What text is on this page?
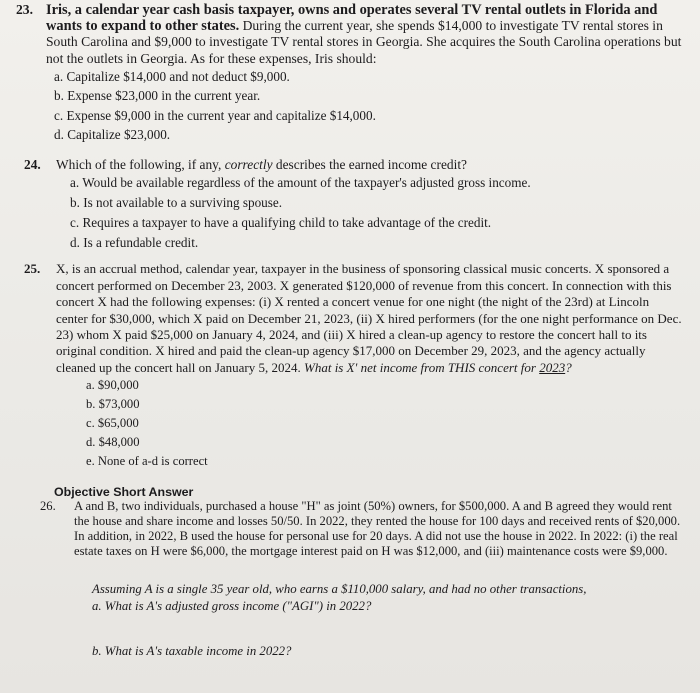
23. Iris, a calendar year cash basis taxpayer, owns and operates several TV rental outlets in Florida and wants to expand to other states. During the current year, she spends $14,000 to investigate TV rental stores in South Carolina and $9,000 to investigate TV rental stores in Georgia. She acquires the South Carolina operations but not the outlets in Georgia. As for these expenses, Iris should:
a. Capitalize $14,000 and not deduct $9,000.
b. Expense $23,000 in the current year.
c. Expense $9,000 in the current year and capitalize $14,000.
d. Capitalize $23,000.
24.	Which of the following, if any, correctly describes the earned income credit?
a. Would be available regardless of the amount of the taxpayer's adjusted gross income.
b. Is not available to a surviving spouse.
c. Requires a taxpayer to have a qualifying child to take advantage of the credit.
d. Is a refundable credit.
25.	X, is an accrual method, calendar year, taxpayer in the business of sponsoring classical music concerts. X sponsored a concert performed on December 23, 2003. X generated $120,000 of revenue from this concert. In connection with this concert X had the following expenses: (i) X rented a concert venue for one night (the night of the 23rd) at Lincoln center for $30,000, which X paid on December 21, 2023, (ii) X hired performers (for the one night performance on Dec. 23) whom X paid $25,000 on January 4, 2024, and (iii) X hired a clean-up agency to restore the concert hall to its original condition. X hired and paid the clean-up agency $17,000 on December 29, 2023, and the agency actually cleaned up the concert hall on January 5, 2024. What is X' net income from THIS concert for 2023?
a. $90,000
b. $73,000
c. $65,000
d. $48,000
e. None of a-d is correct
Objective Short Answer
26.	A and B, two individuals, purchased a house "H" as joint (50%) owners, for $500,000. A and B agreed they would rent the house and share income and losses 50/50. In 2022, they rented the house for 100 days and received rents of $20,000. In addition, in 2022, B used the house for personal use for 20 days. A did not use the house in 2022. In 2022: (i) the real estate taxes on H were $6,000, the mortgage interest paid on H was $12,000, and (iii) maintenance costs were $9,000.
Assuming A is a single 35 year old, who earns a $110,000 salary, and had no other transactions,
a. What is A's adjusted gross income ("AGI") in 2022?
b. What is A's taxable income in 2022?
